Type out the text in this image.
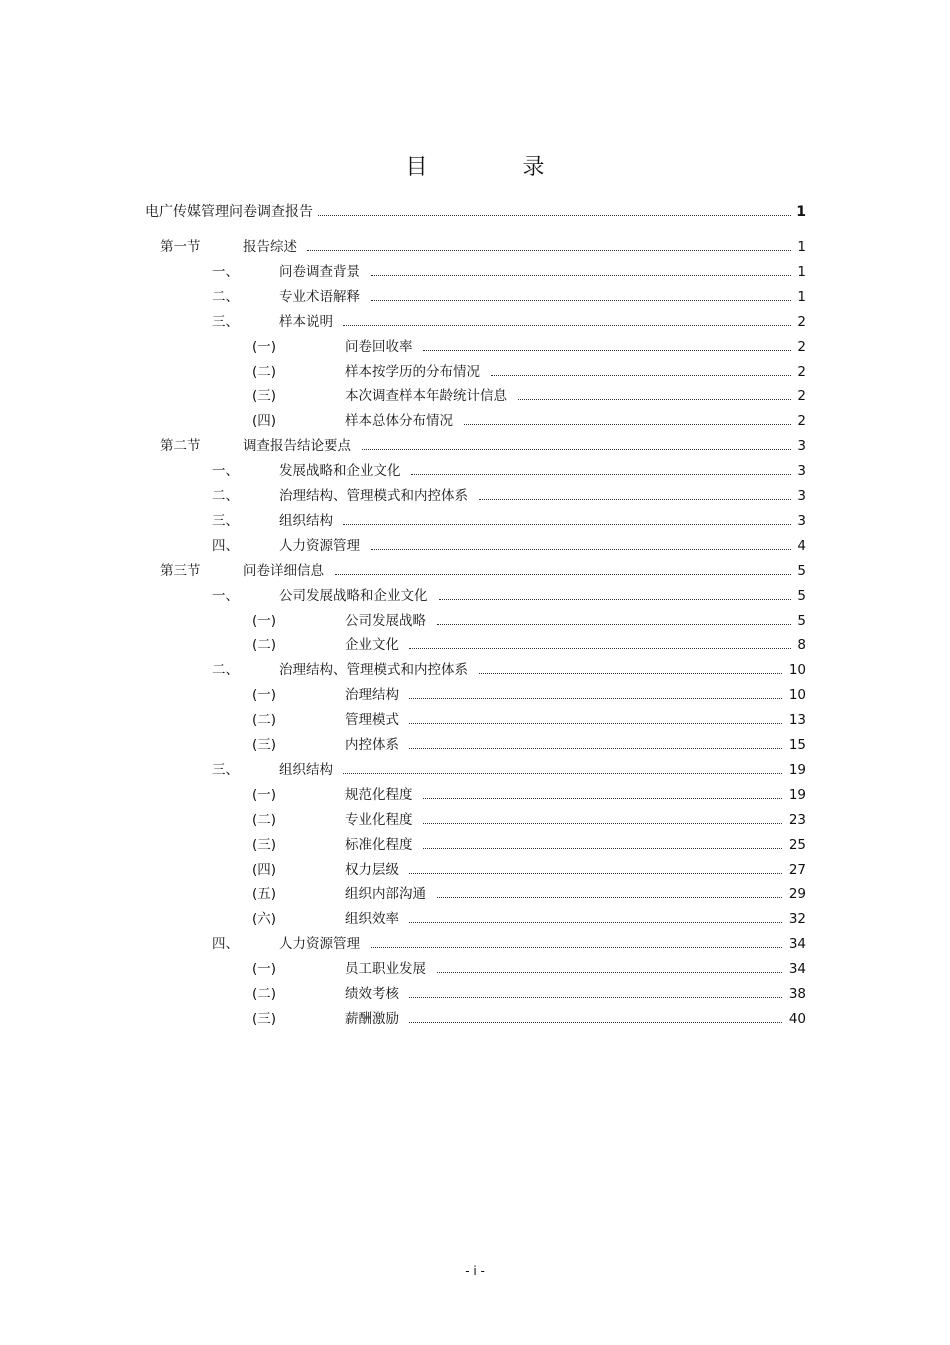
目 录
电广传媒管理问卷调查报告	1
第一节	报告综述	1
一、	问卷调查背景	1
二、	专业术语解释	1
三、	样本说明	2
(一)	问卷回收率	2
(二)	样本按学历的分布情况	2
(三)	本次调查样本年龄统计信息	2
(四)	样本总体分布情况	2
第二节	调查报告结论要点	3
一、	发展战略和企业文化	3
二、	治理结构、管理模式和内控体系	3
三、	组织结构	3
四、	人力资源管理	4
第三节	问卷详细信息	5
一、	公司发展战略和企业文化	5
(一)	公司发展战略	5
(二)	企业文化	8
二、	治理结构、管理模式和内控体系	10
(一)	治理结构	10
(二)	管理模式	13
(三)	内控体系	15
三、	组织结构	19
(一)	规范化程度	19
(二)	专业化程度	23
(三)	标准化程度	25
(四)	权力层级	27
(五)	组织内部沟通	29
(六)	组织效率	32
四、	人力资源管理	34
(一)	员工职业发展	34
(二)	绩效考核	38
(三)	薪酬激励	40
- i -
